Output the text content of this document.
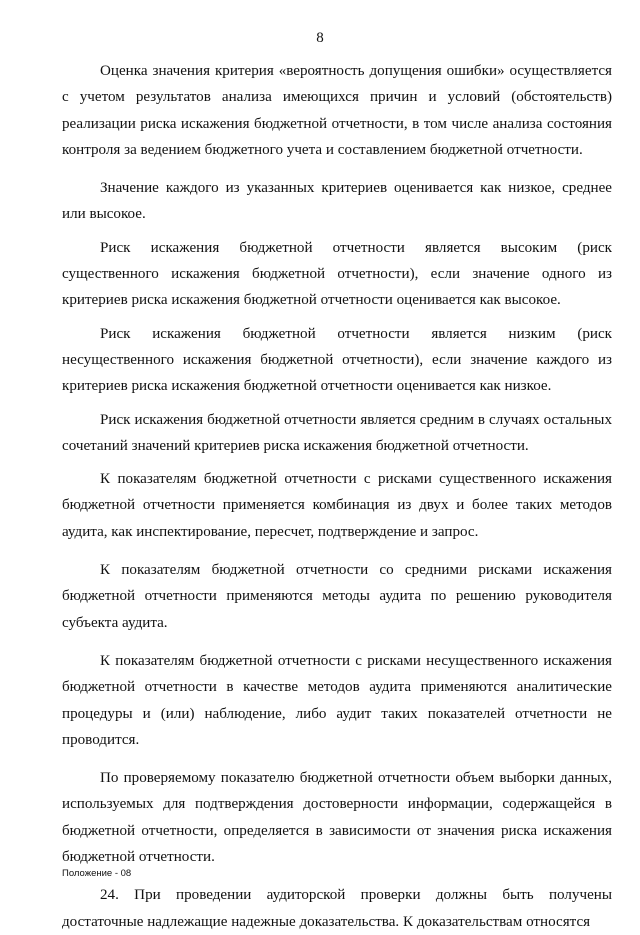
8

Оценка значения критерия «вероятность допущения ошибки» осуществляется с учетом результатов анализа имеющихся причин и условий (обстоятельств) реализации риска искажения бюджетной отчетности, в том числе анализа состояния контроля за ведением бюджетного учета и составлением бюджетной отчетности.

Значение каждого из указанных критериев оценивается как низкое, среднее или высокое.

Риск искажения бюджетной отчетности является высоким (риск существенного искажения бюджетной отчетности), если значение одного из критериев риска искажения бюджетной отчетности оценивается как высокое.

Риск искажения бюджетной отчетности является низким (риск несущественного искажения бюджетной отчетности), если значение каждого из критериев риска искажения бюджетной отчетности оценивается как низкое.

Риск искажения бюджетной отчетности является средним в случаях остальных сочетаний значений критериев риска искажения бюджетной отчетности.

К показателям бюджетной отчетности с рисками существенного искажения бюджетной отчетности применяется комбинация из двух и более таких методов аудита, как инспектирование, пересчет, подтверждение и запрос.

К показателям бюджетной отчетности со средними рисками искажения бюджетной отчетности применяются методы аудита по решению руководителя субъекта аудита.

К показателям бюджетной отчетности с рисками несущественного искажения бюджетной отчетности в качестве методов аудита применяются аналитические процедуры и (или) наблюдение, либо аудит таких показателей отчетности не проводится.

По проверяемому показателю бюджетной отчетности объем выборки данных, используемых для подтверждения достоверности информации, содержащейся в бюджетной отчетности, определяется в зависимости от значения риска искажения бюджетной отчетности.

24. При проведении аудиторской проверки должны быть получены достаточные надлежащие надежные доказательства. К доказательствам относятся

Положение - 08
